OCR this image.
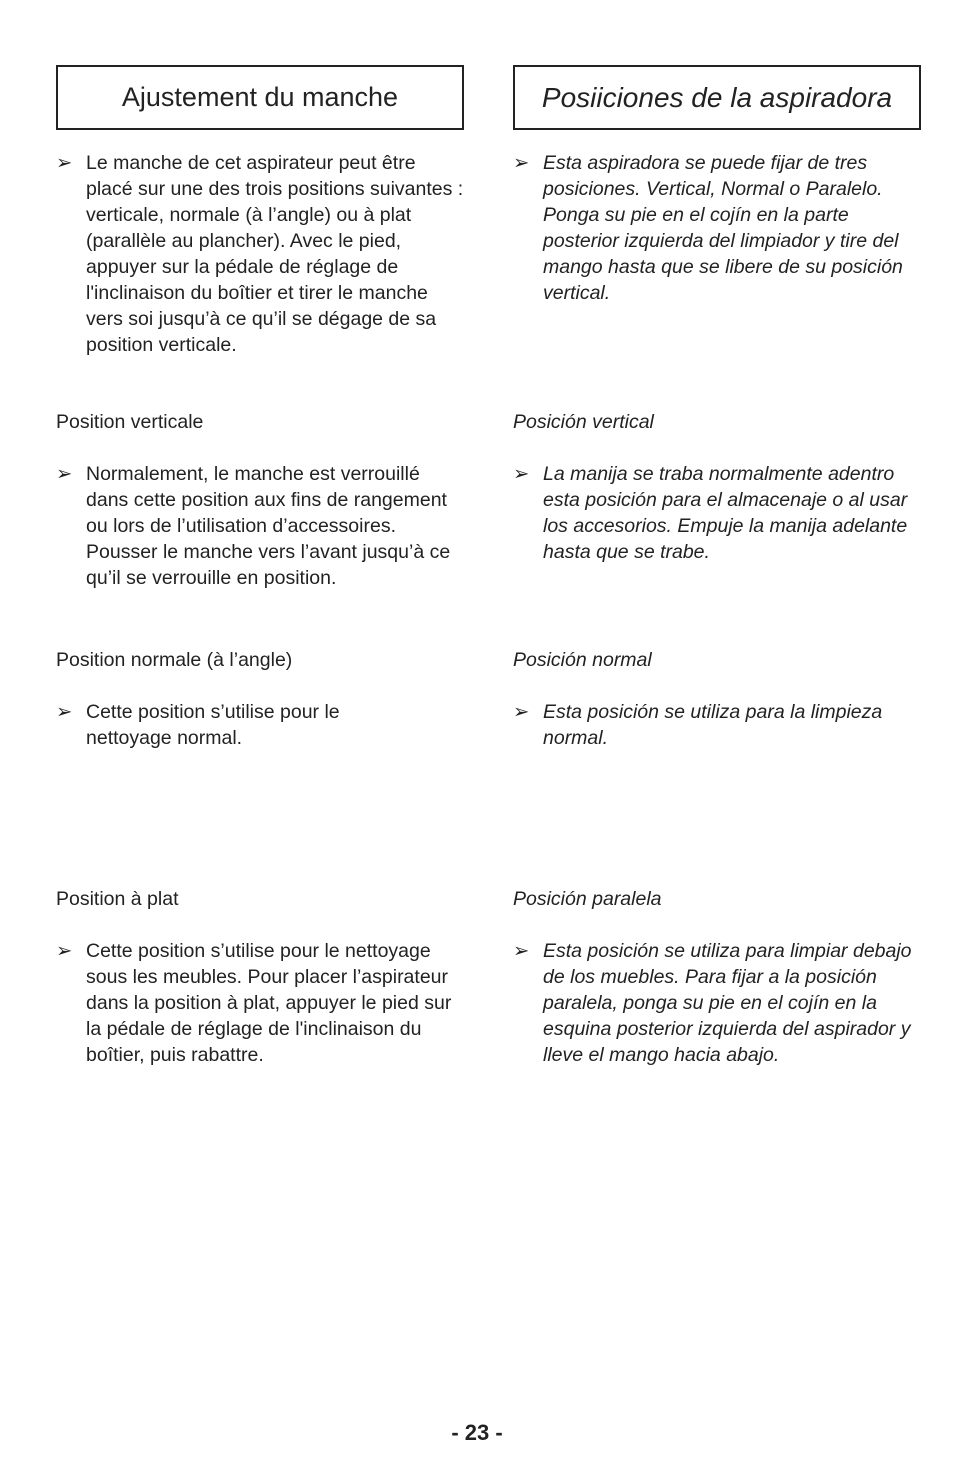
Ajustement du manche
➢ Le manche de cet aspirateur peut être placé sur une des trois positions suivantes : verticale, normale (à l’angle) ou à plat (parallèle au plancher). Avec le pied, appuyer sur la pédale de réglage de l'inclinaison du boîtier et tirer le manche vers soi jusqu’à ce qu’il se dégage de sa position verticale.
Position verticale
➢ Normalement, le manche est verrouillé dans cette position aux fins de rangement ou lors de l’utilisation d’accessoires. Pousser le manche vers l’avant jusqu’à ce qu’il se verrouille en position.
Position normale (à l’angle)
➢ Cette position s’utilise pour le nettoyage normal.
Position à plat
➢ Cette position s’utilise pour le nettoyage sous les meubles. Pour placer l’aspirateur dans la position à plat, appuyer le pied sur la pédale de réglage de l'inclinaison du boîtier, puis rabattre.
Posiiciones de la aspiradora
➢ Esta aspiradora se puede fijar de tres posiciones. Vertical, Normal o Paralelo. Ponga su pie en el cojín en la parte posterior izquierda del limpiador y tire del mango hasta que se libere de su posición vertical.
Posición vertical
➢ La manija se traba normalmente adentro esta posición para el almacenaje o al usar los accesorios. Empuje la manija adelante hasta que se trabe.
Posición normal
➢ Esta posición se utiliza para la limpieza normal.
Posición paralela
➢ Esta posición se utiliza para limpiar debajo de los muebles. Para fijar a la posición paralela, ponga su pie en el cojín en la esquina posterior izquierda del aspirador y lleve el mango hacia abajo.
- 23 -
